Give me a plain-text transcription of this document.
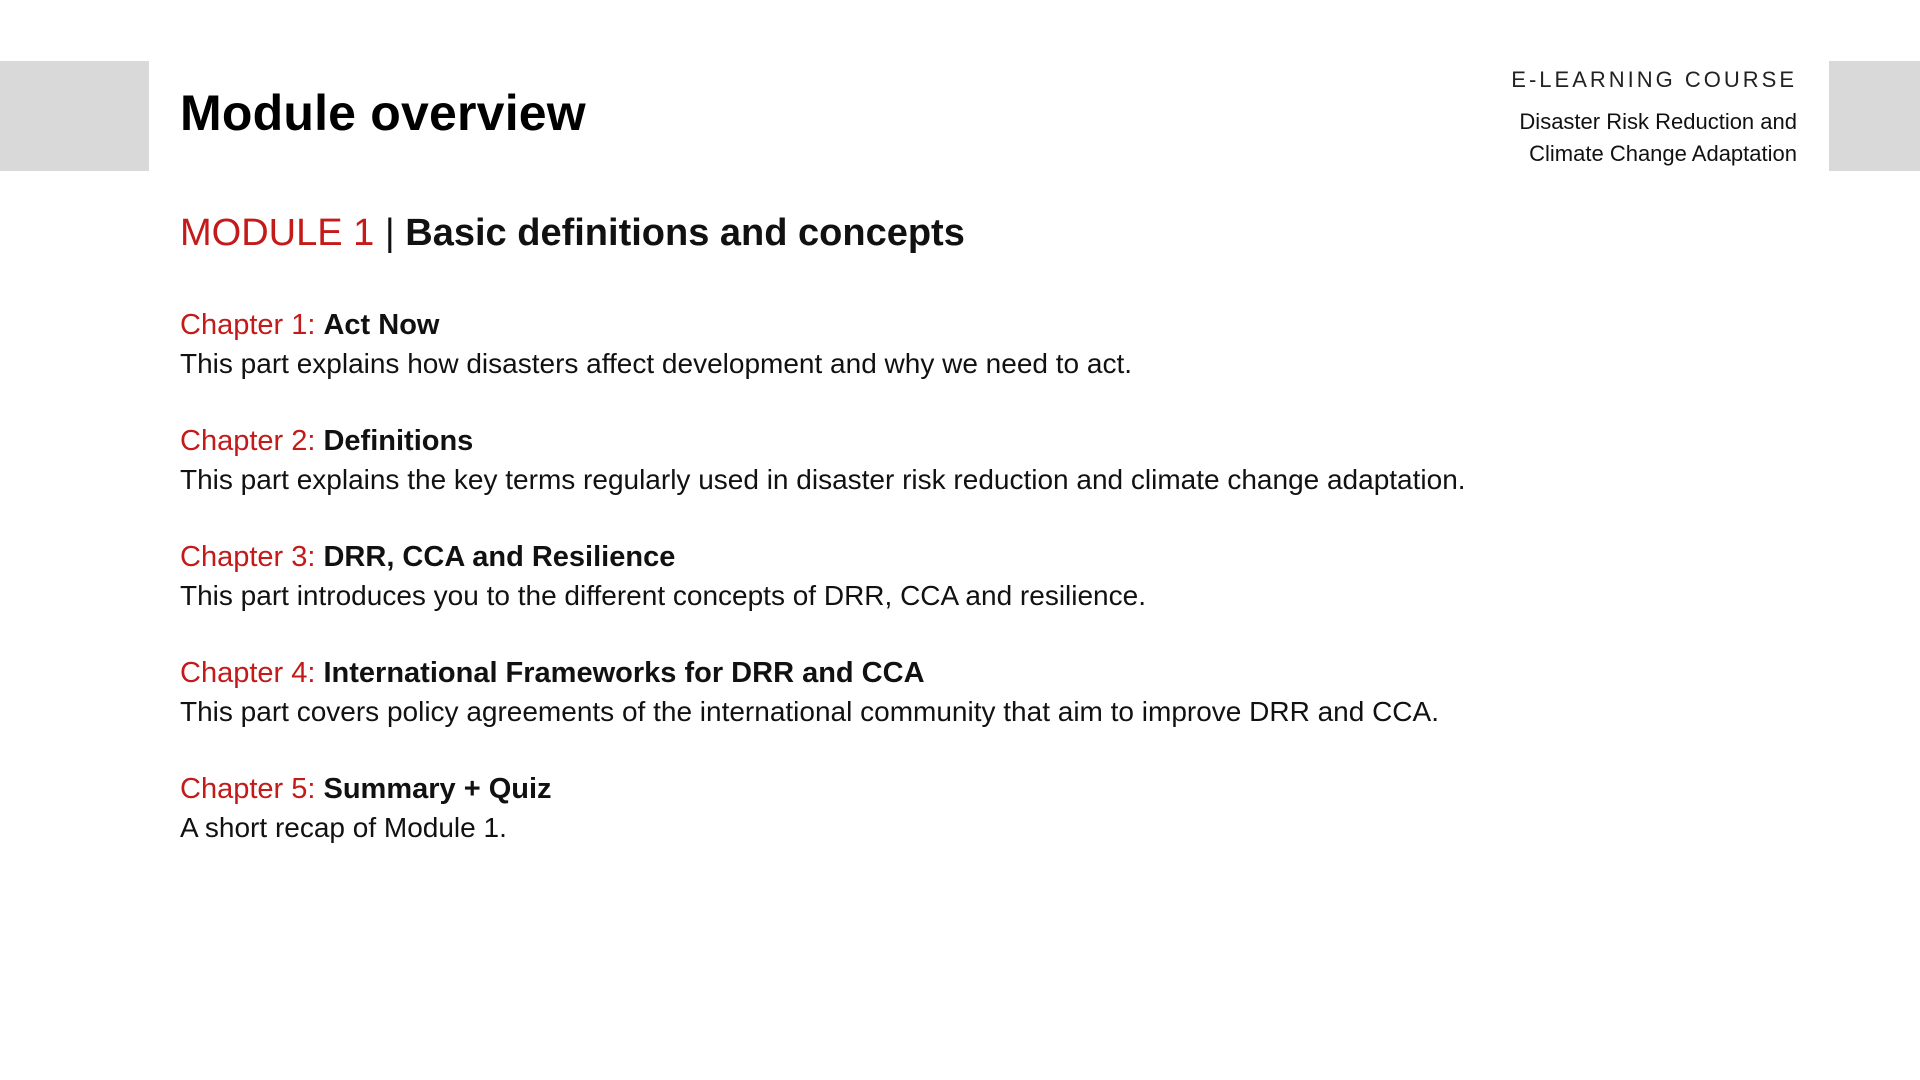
Module overview
E-LEARNING COURSE
Disaster Risk Reduction and
Climate Change Adaptation
MODULE 1 | Basic definitions and concepts
Chapter 1: Act Now
This part explains how disasters affect development and why we need to act.
Chapter 2: Definitions
This part explains the key terms regularly used in disaster risk reduction and climate change adaptation.
Chapter 3: DRR, CCA and Resilience
This part introduces you to the different concepts of DRR, CCA and resilience.
Chapter 4: International Frameworks for DRR and CCA
This part covers policy agreements of the international community that aim to improve DRR and CCA.
Chapter 5: Summary + Quiz
A short recap of Module 1.
